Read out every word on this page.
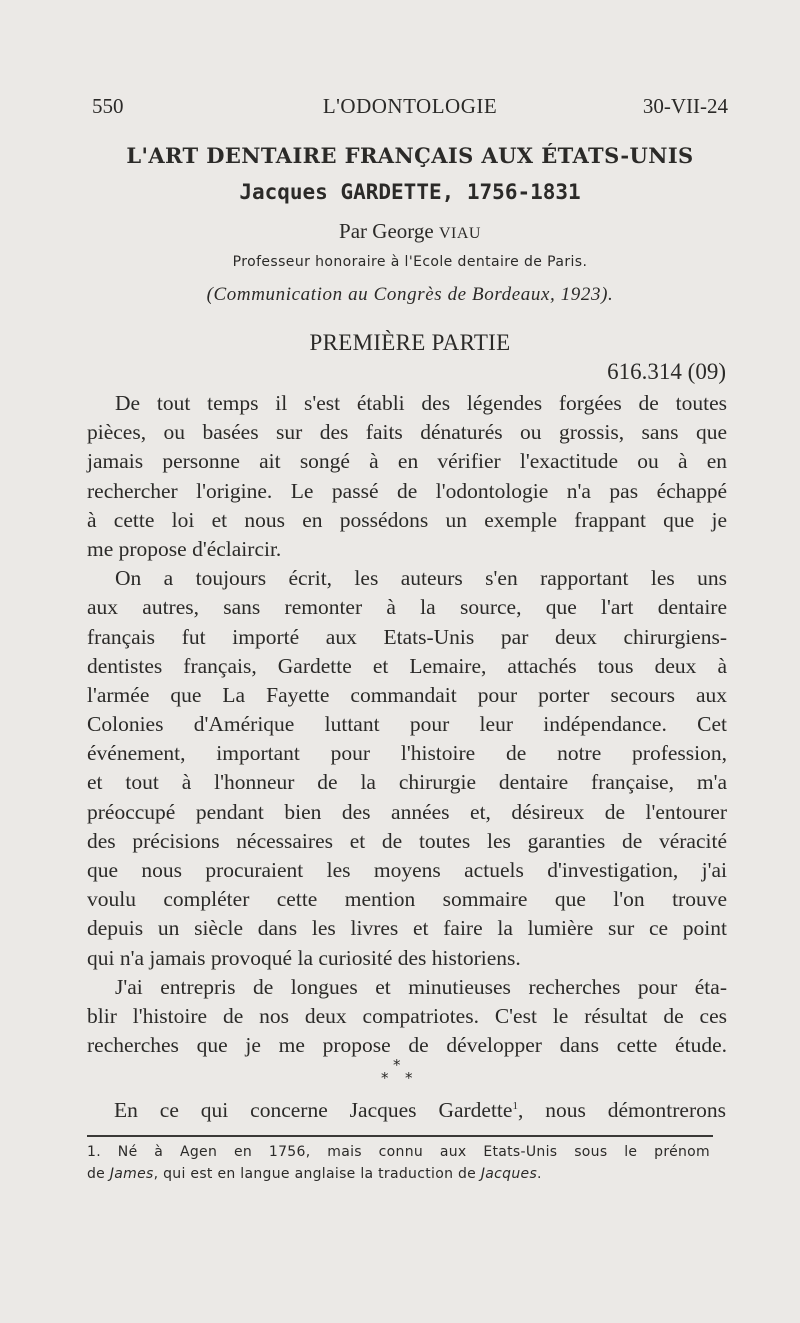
550	L'ODONTOLOGIE	30-VII-24
L'ART DENTAIRE FRANÇAIS AUX ÉTATS-UNIS
Jacques GARDETTE, 1756-1831
Par George VIAU
Professeur honoraire à l'Ecole dentaire de Paris.
(Communication au Congrès de Bordeaux, 1923).
PREMIÈRE PARTIE
616.314 (09)
De tout temps il s'est établi des légendes forgées de toutes
pièces, ou basées sur des faits dénaturés ou grossis, sans que
jamais personne ait songé à en vérifier l'exactitude ou à en
rechercher l'origine. Le passé de l'odontologie n'a pas échappé
à cette loi et nous en possédons un exemple frappant que je
me propose d'éclaircir.
On a toujours écrit, les auteurs s'en rapportant les uns
aux autres, sans remonter à la source, que l'art dentaire
français fut importé aux Etats-Unis par deux chirurgiens-
dentistes français, Gardette et Lemaire, attachés tous deux à
l'armée que La Fayette commandait pour porter secours aux
Colonies d'Amérique luttant pour leur indépendance. Cet
événement, important pour l'histoire de notre profession,
et tout à l'honneur de la chirurgie dentaire française, m'a
préoccupé pendant bien des années et, désireux de l'entourer
des précisions nécessaires et de toutes les garanties de véracité
que nous procuraient les moyens actuels d'investigation, j'ai
voulu compléter cette mention sommaire que l'on trouve
depuis un siècle dans les livres et faire la lumière sur ce point
qui n'a jamais provoqué la curiosité des historiens.
J'ai entrepris de longues et minutieuses recherches pour éta-
blir l'histoire de nos deux compatriotes. C'est le résultat de ces
recherches que je me propose de développer dans cette étude.
*
* *
En ce qui concerne Jacques Gardette$^1$, nous démontrerons
1. Né à Agen en 1756, mais connu aux Etats-Unis sous le prénom
de James, qui est en langue anglaise la traduction de Jacques.
